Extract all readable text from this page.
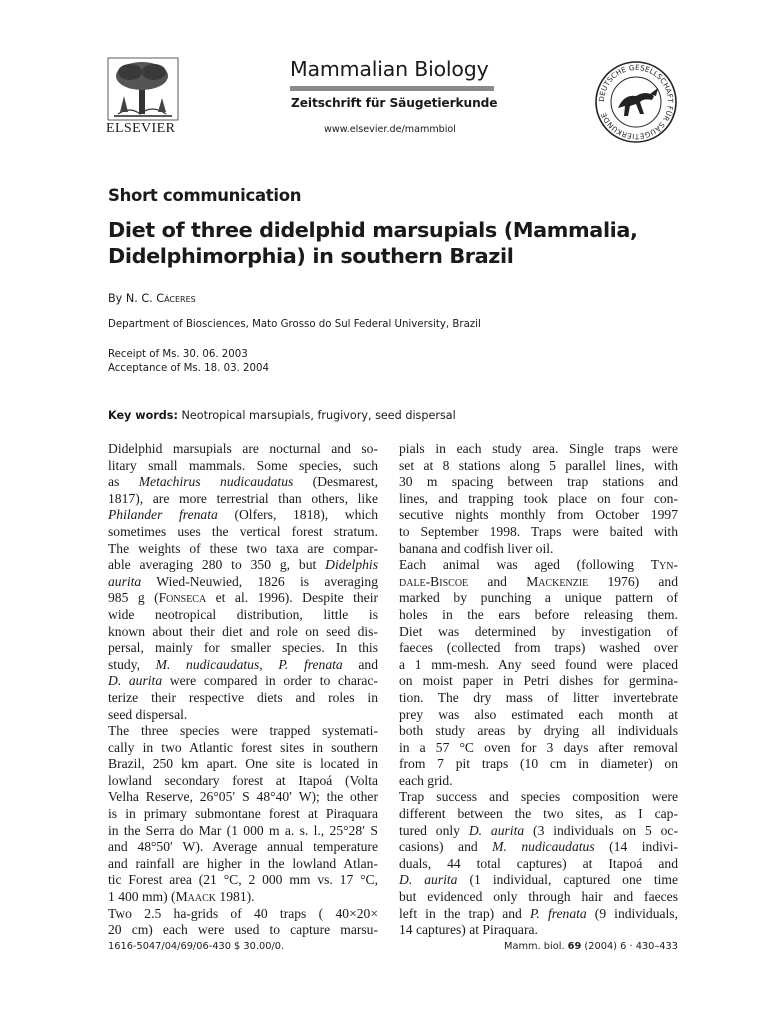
ELSEVIER
Mammalian Biology
Zeitschrift für Säugetierkunde
www.elsevier.de/mammbiol
DEUTSCHE GESELLSCHAFT FÜR SÄUGETIERKUNDE
Short communication
Diet of three didelphid marsupials (Mammalia,
Didelphimorphia) in southern Brazil
By N. C. Cáceres
Department of Biosciences, Mato Grosso do Sul Federal University, Brazil
Receipt of Ms. 30. 06. 2003
Acceptance of Ms. 18. 03. 2004
Key words: Neotropical marsupials, frugivory, seed dispersal
Didelphid marsupials are nocturnal and so-
litary small mammals. Some species, such
as Metachirus nudicaudatus (Desmarest,
1817), are more terrestrial than others, like
Philander frenata (Olfers, 1818), which
sometimes uses the vertical forest stratum.
The weights of these two taxa are compar-
able averaging 280 to 350 g, but Didelphis
aurita Wied-Neuwied, 1826 is averaging
985 g (Fonseca et al. 1996). Despite their
wide neotropical distribution, little is
known about their diet and role on seed dis-
persal, mainly for smaller species. In this
study, M. nudicaudatus, P. frenata and
D. aurita were compared in order to charac-
terize their respective diets and roles in
seed dispersal.
The three species were trapped systemati-
cally in two Atlantic forest sites in southern
Brazil, 250 km apart. One site is located in
lowland secondary forest at Itapoá (Volta
Velha Reserve, 26°05′ S 48°40′ W); the other
is in primary submontane forest at Piraquara
in the Serra do Mar (1 000 m a. s. l., 25°28′ S
and 48°50′ W). Average annual temperature
and rainfall are higher in the lowland Atlan-
tic Forest area (21 °C, 2 000 mm vs. 17 °C,
1 400 mm) (Maack 1981).
Two 2.5 ha-grids of 40 traps ( 40×20×
20 cm) each were used to capture marsu-
pials in each study area. Single traps were
set at 8 stations along 5 parallel lines, with
30 m spacing between trap stations and
lines, and trapping took place on four con-
secutive nights monthly from October 1997
to September 1998. Traps were baited with
banana and codfish liver oil.
Each animal was aged (following Tyn-
dale-Biscoe and Mackenzie 1976) and
marked by punching a unique pattern of
holes in the ears before releasing them.
Diet was determined by investigation of
faeces (collected from traps) washed over
a 1 mm-mesh. Any seed found were placed
on moist paper in Petri dishes for germina-
tion. The dry mass of litter invertebrate
prey was also estimated each month at
both study areas by drying all individuals
in a 57 °C oven for 3 days after removal
from 7 pit traps (10 cm in diameter) on
each grid.
Trap success and species composition were
different between the two sites, as I cap-
tured only D. aurita (3 individuals on 5 oc-
casions) and M. nudicaudatus (14 indivi-
duals, 44 total captures) at Itapoá and
D. aurita (1 individual, captured one time
but evidenced only through hair and faeces
left in the trap) and P. frenata (9 individuals,
14 captures) at Piraquara.
1616-5047/04/69/06-430 $ 30.00/0.	Mamm. biol. 69 (2004) 6 · 430–433
